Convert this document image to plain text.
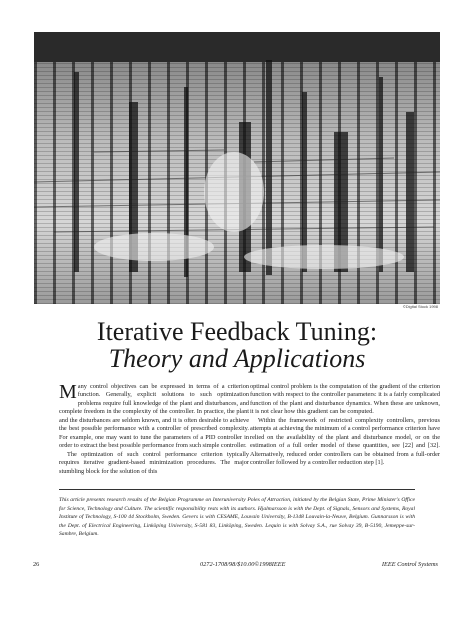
©Digital Stock 1998
Iterative Feedback Tuning:
Theory and Applications

Many control objectives can be expressed in terms of a criterion function. Generally, explicit solutions to such optimization problems require full knowledge of the plant and disturbances, and complete freedom in the complexity of the controller. In practice, the plant and the disturbances are seldom known, and it is often desirable to achieve the best possible performance with a controller of prescribed complexity. For example, one may want to tune the parameters of a PID controller in order to extract the best possible performance from such simple controller.

The optimization of such control performance criterion typically requires iterative gradient-based minimization procedures. The major stumbling block for the solution of this

optimal control problem is the computation of the gradient of the criterion function with respect to the controller parameters: it is a fairly complicated function of the plant and disturbance dynamics. When these are unknown, it is not clear how this gradient can be computed.

Within the framework of restricted complexity controllers, previous attempts at achieving the minimum of a control performance criterion have relied on the availability of the plant and disturbance model, or on the estimation of a full order model of these quantities, see [22] and [32]. Alternatively, reduced order controllers can be obtained from a full-order controller followed by a controller reduction step [1].

This article presents research results of the Belgian Programme on Interuniversity Poles of Attraction, initiated by the Belgian State, Prime Minister's Office for Science, Technology and Culture. The scientific responsibility rests with its authors. Hjalmarsson is with the Dept. of Signals, Sensors and Systems, Royal Institute of Technology, S-100 44 Stockholm, Sweden. Gevers is with CESAME, Louvain University, B-1348 Louvain-la-Neuve, Belgium. Gunnarsson is with the Dept. of Electrical Engineering, Linköping University, S-581 83, Linköping, Sweden. Lequin is with Solvay S.A., rue Solvay 39, B-5190, Jemeppe-sur-Sambre, Belgium.

26	0272-1708/98/$10.00©1998IEEE	IEEE Control Systems
